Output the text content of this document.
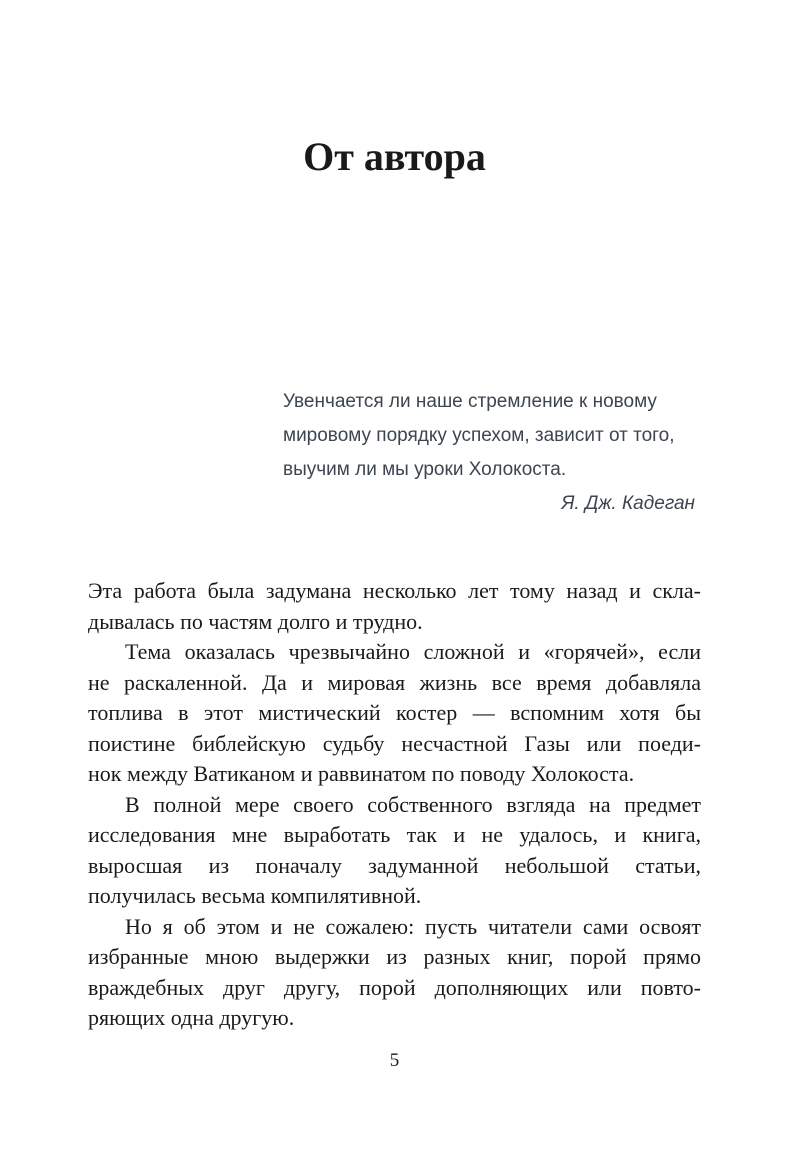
От автора
Увенчается ли наше стремление к новому
мировому порядку успехом, зависит от того,
выучим ли мы уроки Холокоста.
Я. Дж. Кадеган
Эта работа была задумана несколько лет тому назад и скла-
дывалась по частям долго и трудно.
Тема оказалась чрезвычайно сложной и «горячей», если
не раскаленной. Да и мировая жизнь все время добавляла
топлива в этот мистический костер — вспомним хотя бы
поистине библейскую судьбу несчастной Газы или поеди-
нок между Ватиканом и раввинатом по поводу Холокоста.
В полной мере своего собственного взгляда на предмет
исследования мне выработать так и не удалось, и книга,
выросшая из поначалу задуманной небольшой статьи,
получилась весьма компилятивной.
Но я об этом и не сожалею: пусть читатели сами освоят
избранные мною выдержки из разных книг, порой прямо
враждебных друг другу, порой дополняющих или повто-
ряющих одна другую.
5
